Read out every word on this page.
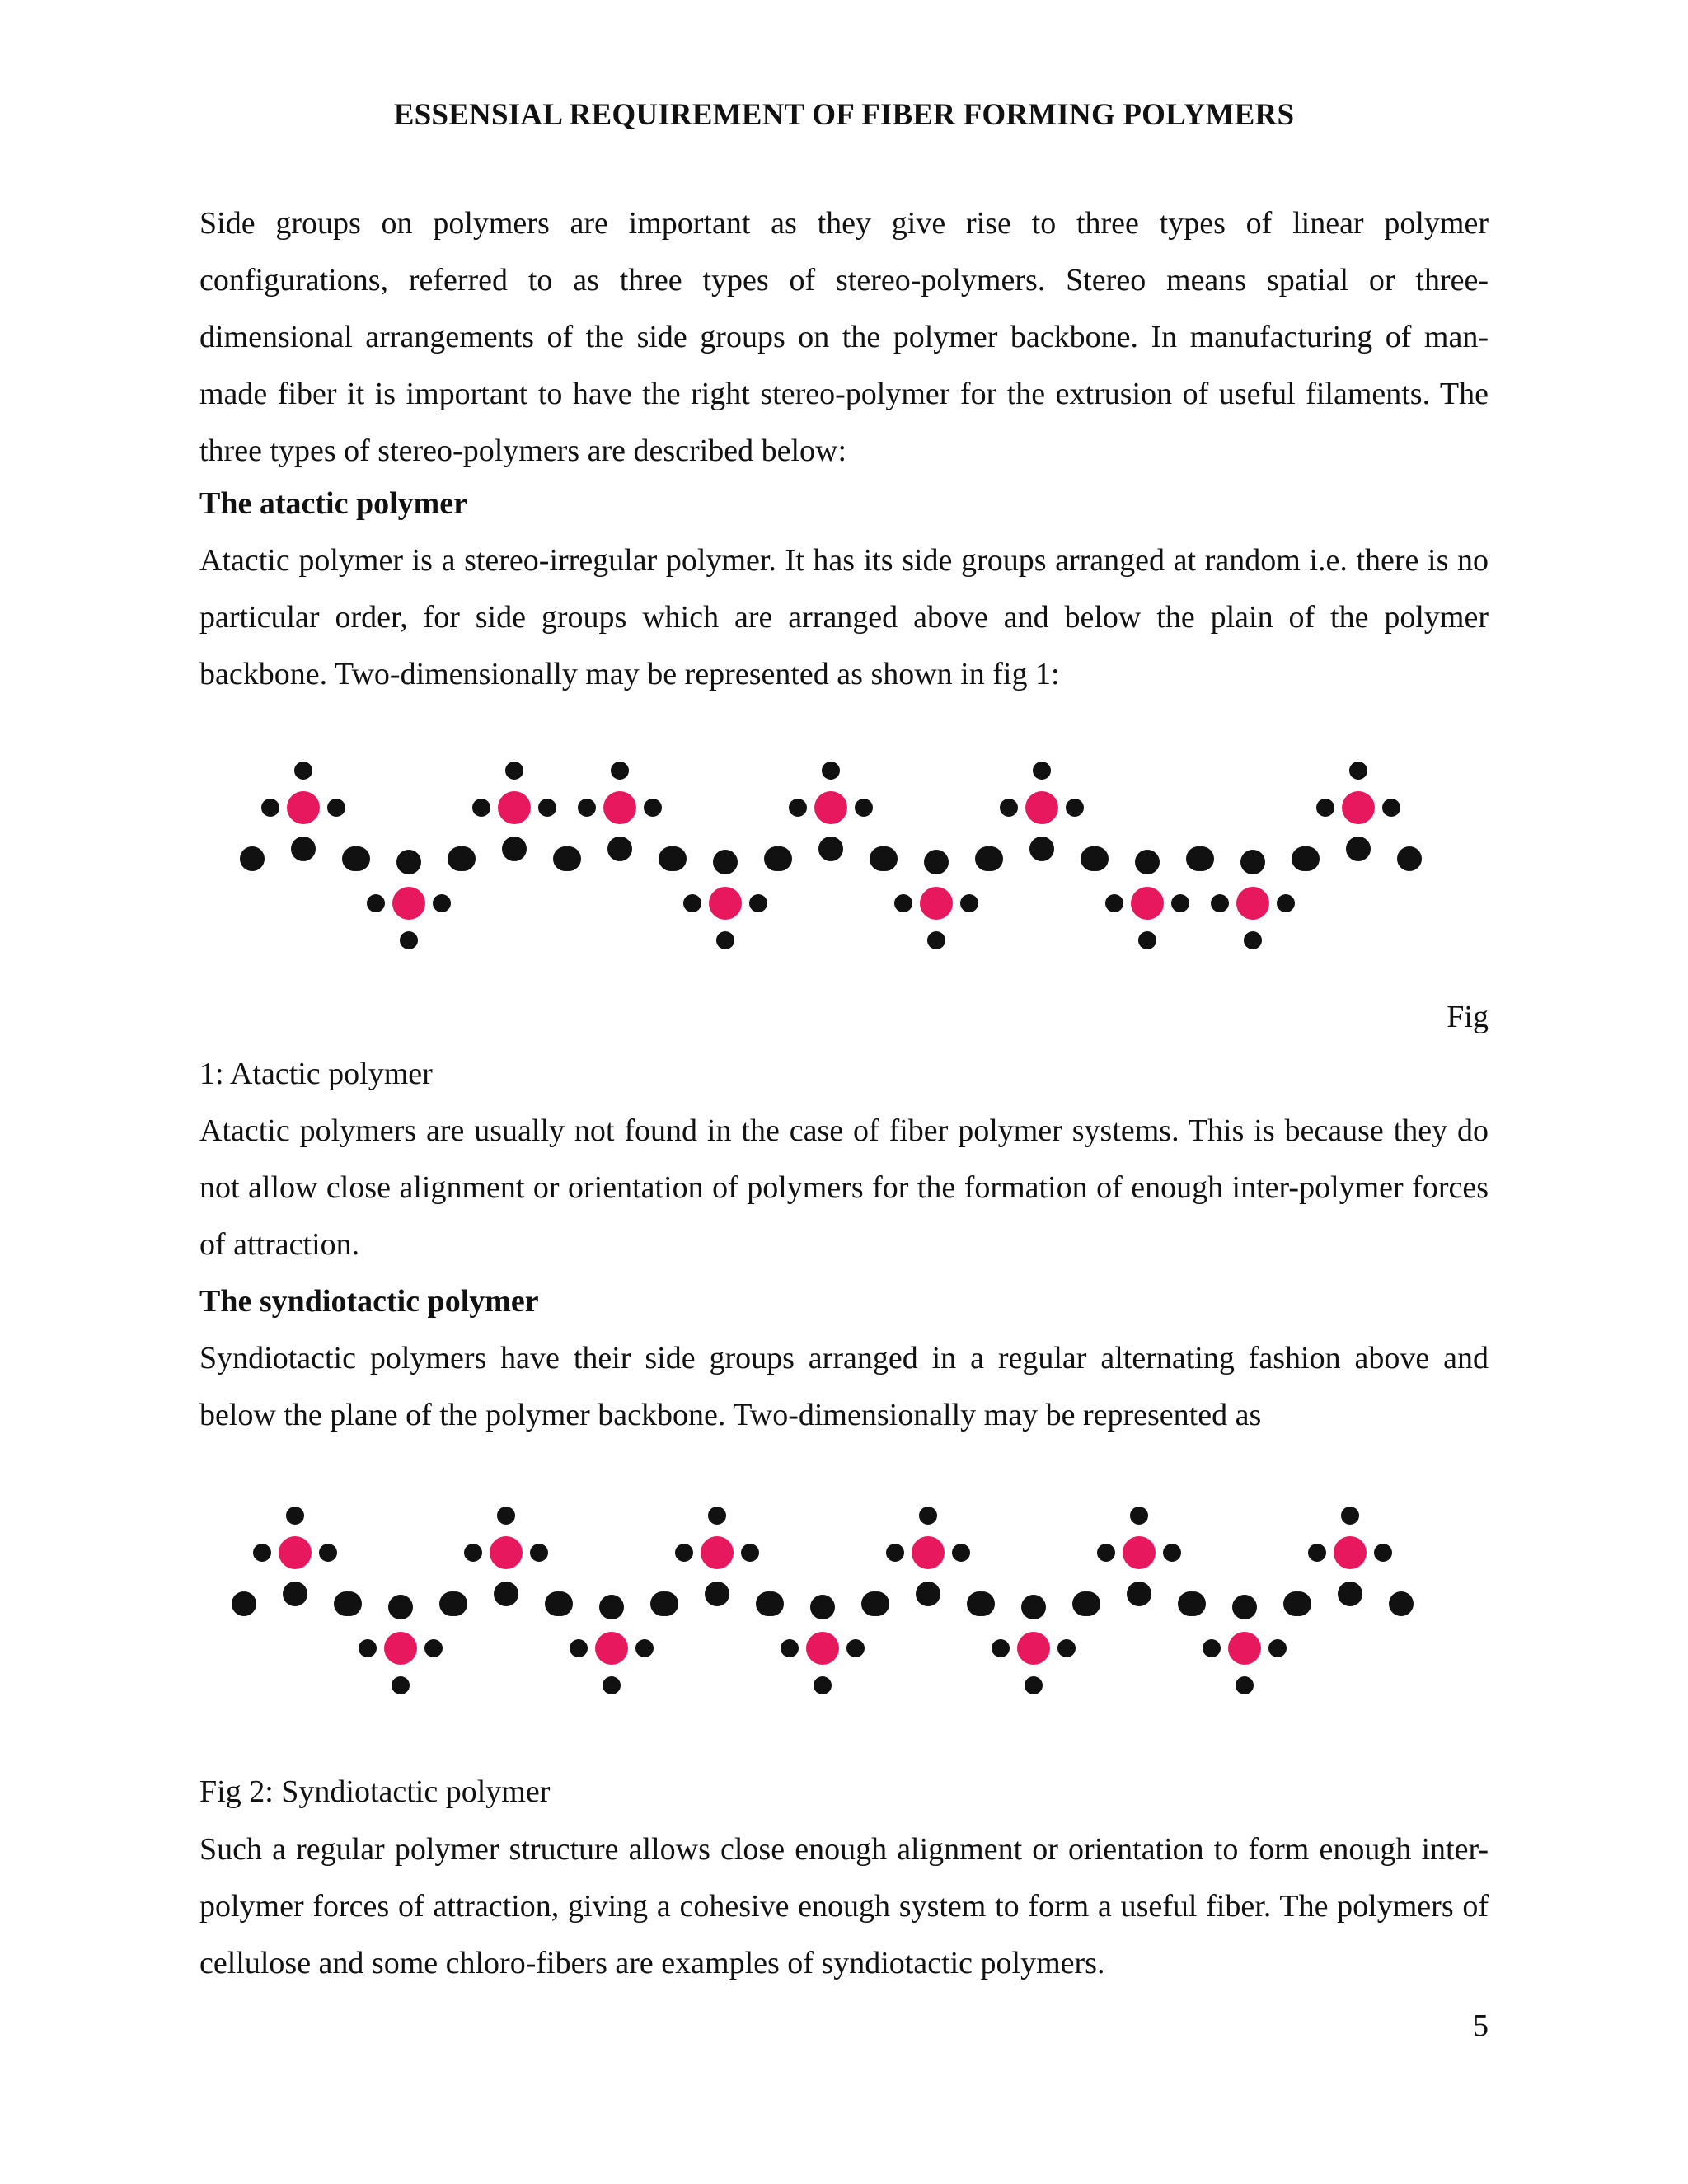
ESSENSIAL REQUIREMENT OF FIBER FORMING POLYMERS
Side groups on polymers are important as they give rise to three types of linear polymer configurations, referred to as three types of stereo-polymers. Stereo means spatial or three-dimensional arrangements of the side groups on the polymer backbone. In manufacturing of man-made fiber it is important to have the right stereo-polymer for the extrusion of useful filaments. The three types of stereo-polymers are described below:
The atactic polymer
Atactic polymer is a stereo-irregular polymer. It has its side groups arranged at random i.e. there is no particular order, for side groups which are arranged above and below the plain of the polymer backbone. Two-dimensionally may be represented as shown in fig 1:
Fig
1: Atactic polymer
Atactic polymers are usually not found in the case of fiber polymer systems. This is because they do not allow close alignment or orientation of polymers for the formation of enough inter-polymer forces of attraction.
The syndiotactic polymer
Syndiotactic polymers have their side groups arranged in a regular alternating fashion above and below the plane of the polymer backbone. Two-dimensionally may be represented as
Fig 2: Syndiotactic polymer
Such a regular polymer structure allows close enough alignment or orientation to form enough inter-polymer forces of attraction, giving a cohesive enough system to form a useful fiber. The polymers of cellulose and some chloro-fibers are examples of syndiotactic polymers.
5
